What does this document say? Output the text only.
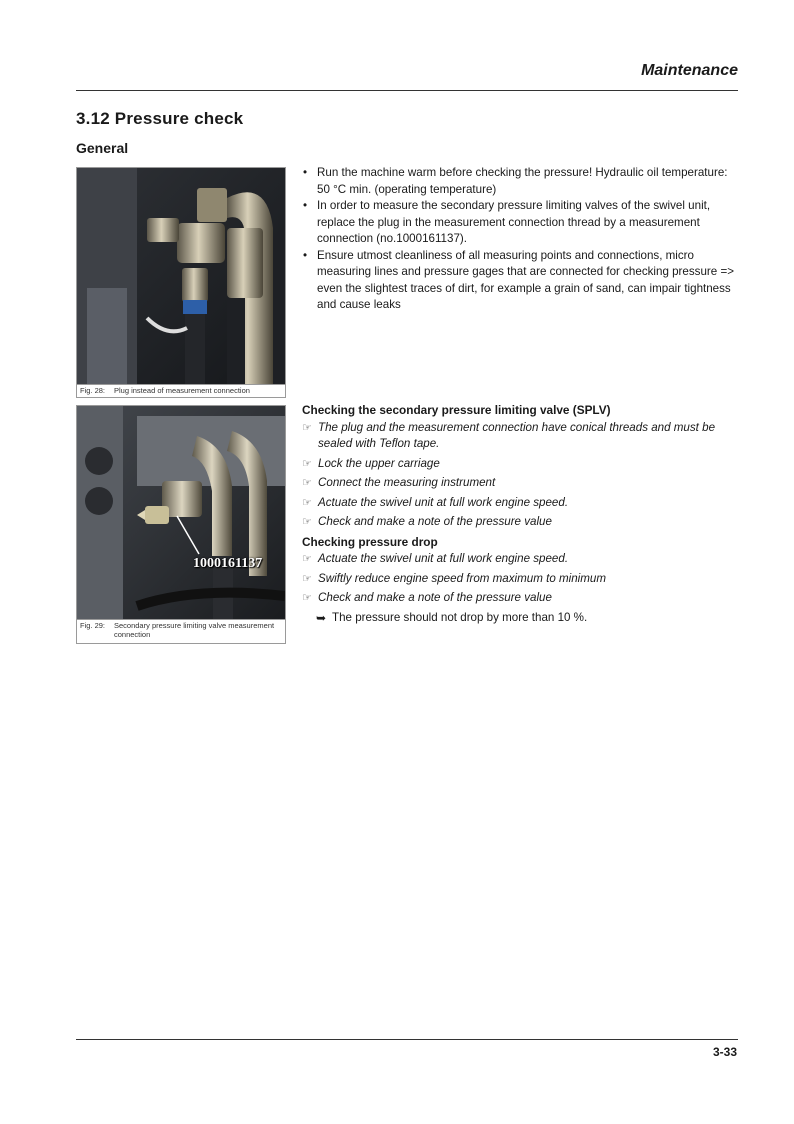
Maintenance
3.12 Pressure check
General
Fig. 28:	Plug instead of measurement connection
1000161137
Fig. 29:	Secondary pressure limiting valve measurement connection
• Run the machine warm before checking the pressure! Hydraulic oil temperature: 50 °C min. (operating temperature)
• In order to measure the secondary pressure limiting valves of the swivel unit, replace the plug in the measurement connection thread by a measurement connection (no.1000161137).
• Ensure utmost cleanliness of all measuring points and connections, micro measuring lines and pressure gages that are connected for checking pressure => even the slightest traces of dirt, for example a grain of sand, can impair tightness and cause leaks
Checking the secondary pressure limiting valve (SPLV)
☞ The plug and the measurement connection have conical threads and must be sealed with Teflon tape.
☞ Lock the upper carriage
☞ Connect the measuring instrument
☞ Actuate the swivel unit at full work engine speed.
☞ Check and make a note of the pressure value
Checking pressure drop
☞ Actuate the swivel unit at full work engine speed.
☞ Swiftly reduce engine speed from maximum to minimum
☞ Check and make a note of the pressure value
➥ The pressure should not drop by more than 10 %.
3-33
